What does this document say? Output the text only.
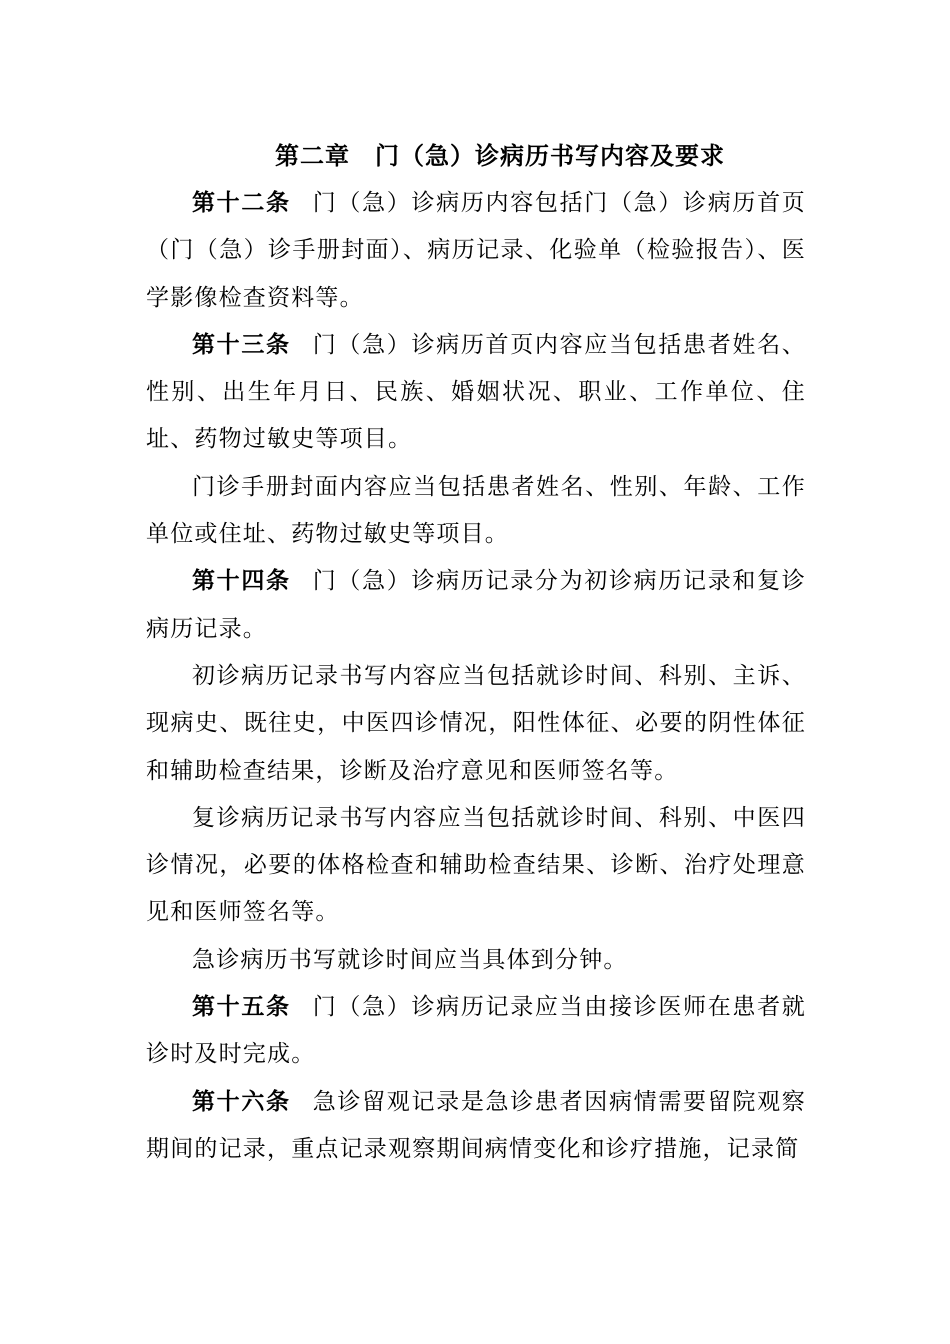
第二章　门（急）诊病历书写内容及要求

第十二条 门（急）诊病历内容包括门（急）诊病历首页（门（急）诊手册封面）、病历记录、化验单（检验报告）、医学影像检查资料等。

第十三条 门（急）诊病历首页内容应当包括患者姓名、性别、出生年月日、民族、婚姻状况、职业、工作单位、住址、药物过敏史等项目。

门诊手册封面内容应当包括患者姓名、性别、年龄、工作单位或住址、药物过敏史等项目。

第十四条 门（急）诊病历记录分为初诊病历记录和复诊病历记录。

初诊病历记录书写内容应当包括就诊时间、科别、主诉、现病史、既往史，中医四诊情况，阳性体征、必要的阴性体征和辅助检查结果，诊断及治疗意见和医师签名等。

复诊病历记录书写内容应当包括就诊时间、科别、中医四诊情况，必要的体格检查和辅助检查结果、诊断、治疗处理意见和医师签名等。

急诊病历书写就诊时间应当具体到分钟。

第十五条 门（急）诊病历记录应当由接诊医师在患者就诊时及时完成。

第十六条 急诊留观记录是急诊患者因病情需要留院观察期间的记录，重点记录观察期间病情变化和诊疗措施，记录简
